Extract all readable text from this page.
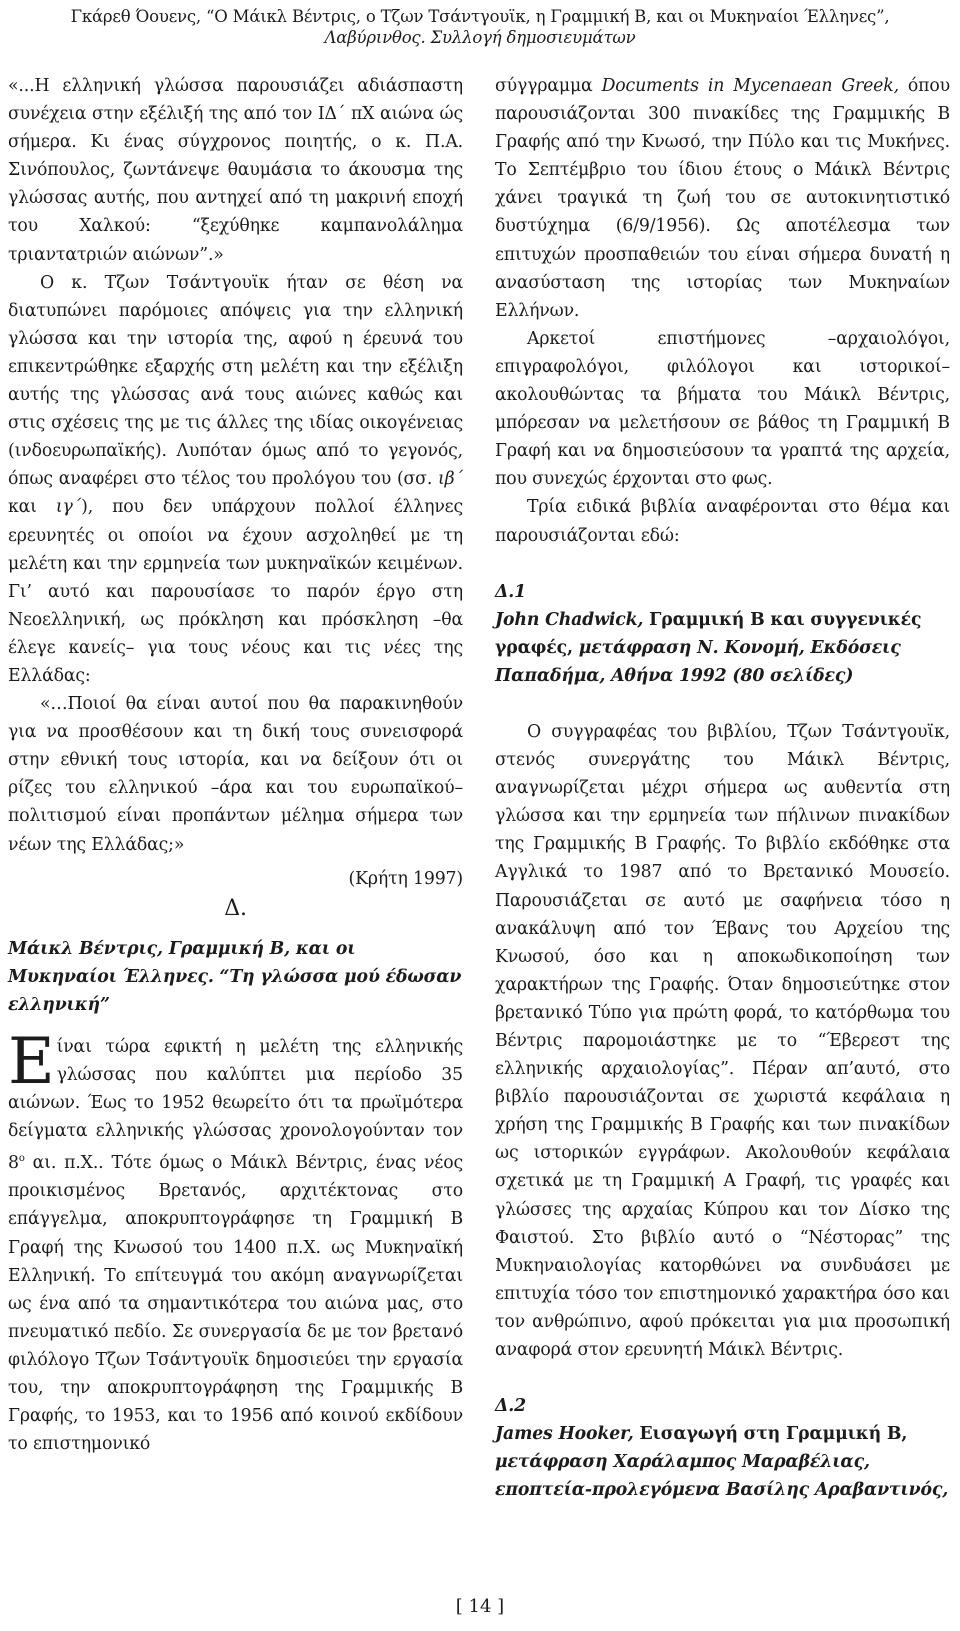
Γκάρεθ Όουενς, “Ο Μάικλ Βέντρις, ο Τζων Τσάντγουϊκ, η Γραμμική Β, και οι Μυκηναίοι Έλληνες”,
Λαβύρινθος. Συλλογή δημοσιευμάτων

«...Η ελληνική γλώσσα παρουσιάζει αδιάσπαστη συνέχεια στην εξέλιξή της από τον ΙΔ΄ πΧ αιώνα ώς σήμερα. Κι ένας σύγχρονος ποιητής, ο κ. Π.Α. Σινόπουλος, ζωντάνεψε θαυμάσια το άκουσμα της γλώσσας αυτής, που αντηχεί από τη μακρινή εποχή του Χαλκού: “ξεχύθηκε καμπανολάλημα τριαντατριών αιώνων”.»

Ο κ. Τζων Τσάντγουϊκ ήταν σε θέση να διατυπώνει παρόμοιες απόψεις για την ελληνική γλώσσα και την ιστορία της, αφού η έρευνά του επικεντρώθηκε εξαρχής στη μελέτη και την εξέλιξη αυτής της γλώσσας ανά τους αιώνες καθώς και στις σχέσεις της με τις άλλες της ιδίας οικογένειας (ινδοευρωπαϊκής). Λυπόταν όμως από το γεγονός, όπως αναφέρει στο τέλος του προλόγου του (σσ. ιβ΄ και ιγ΄), που δεν υπάρχουν πολλοί έλληνες ερευνητές οι οποίοι να έχουν ασχοληθεί με τη μελέτη και την ερμηνεία των μυκηναϊκών κειμένων. Γι’ αυτό και παρουσίασε το παρόν έργο στη Νεοελληνική, ως πρόκληση και πρόσκληση –θα έλεγε κανείς– για τους νέους και τις νέες της Ελλάδας:

«…Ποιοί θα είναι αυτοί που θα παρακινηθούν για να προσθέσουν και τη δική τους συνεισφορά στην εθνική τους ιστορία, και να δείξουν ότι οι ρίζες του ελληνικού –άρα και του ευρωπαϊκού– πολιτισμού είναι προπάντων μέλημα σήμερα των νέων της Ελλάδας;»

(Κρήτη 1997)

Δ.

Μάικλ Βέντρις, Γραμμική Β, και οι Μυκηναίοι Έλληνες. “Τη γλώσσα μού έδωσαν ελληνική”

Είναι τώρα εφικτή η μελέτη της ελληνικής γλώσσας που καλύπτει μια περίοδο 35 αιώνων. Έως το 1952 θεωρείτο ότι τα πρωϊμότερα δείγματα ελληνικής γλώσσας χρονολογούνταν τον $8^o$ αι. π.Χ.. Τότε όμως ο Μάικλ Βέντρις, ένας νέος προικισμένος Βρετανός, αρχιτέκτονας στο επάγγελμα, αποκρυπτογράφησε τη Γραμμική Β Γραφή της Κνωσού του 1400 π.Χ. ως Μυκηναϊκή Ελληνική. Το επίτευγμά του ακόμη αναγνωρίζεται ως ένα από τα σημαντικότερα του αιώνα μας, στο πνευματικό πεδίο. Σε συνεργασία δε με τον βρετανό φιλόλογο Τζων Τσάντγουϊκ δημοσιεύει την εργασία του, την αποκρυπτογράφηση της Γραμμικής Β Γραφής, το 1953, και το 1956 από κοινού εκδίδουν το επιστημονικό

σύγγραμμα Documents in Mycenaean Greek, όπου παρουσιάζονται 300 πινακίδες της Γραμμικής Β Γραφής από την Κνωσό, την Πύλο και τις Μυκήνες. Το Σεπτέμβριο του ίδιου έτους ο Μάικλ Βέντρις χάνει τραγικά τη ζωή του σε αυτοκινητιστικό δυστύχημα (6/9/1956). Ως αποτέλεσμα των επιτυχών προσπαθειών του είναι σήμερα δυνατή η ανασύσταση της ιστορίας των Μυκηναίων Ελλήνων.

Αρκετοί επιστήμονες –αρχαιολόγοι, επιγραφολόγοι, φιλόλογοι και ιστορικοί– ακολουθώντας τα βήματα του Μάικλ Βέντρις, μπόρεσαν να μελετήσουν σε βάθος τη Γραμμική Β Γραφή και να δημοσιεύσουν τα γραπτά της αρχεία, που συνεχώς έρχονται στο φως.

Τρία ειδικά βιβλία αναφέρονται στο θέμα και παρουσιάζονται εδώ:

Δ.1

John Chadwick, Γραμμική Β και συγγενικές γραφές, μετάφραση Ν. Κονομή, Εκδόσεις Παπαδήμα, Αθήνα 1992 (80 σελίδες)

Ο συγγραφέας του βιβλίου, Τζων Τσάντγουϊκ, στενός συνεργάτης του Μάικλ Βέντρις, αναγνωρίζεται μέχρι σήμερα ως αυθεντία στη γλώσσα και την ερμηνεία των πήλινων πινακίδων της Γραμμικής Β Γραφής. Το βιβλίο εκδόθηκε στα Αγγλικά το 1987 από το Βρετανικό Μουσείο. Παρουσιάζεται σε αυτό με σαφήνεια τόσο η ανακάλυψη από τον Έβανς του Αρχείου της Κνωσού, όσο και η αποκωδικοποίηση των χαρακτήρων της Γραφής. Όταν δημοσιεύτηκε στον βρετανικό Τύπο για πρώτη φορά, το κατόρθωμα του Βέντρις παρομοιάστηκε με το “Έβερεστ της ελληνικής αρχαιολογίας”. Πέραν απ’αυτό, στο βιβλίο παρουσιάζονται σε χωριστά κεφάλαια η χρήση της Γραμμικής Β Γραφής και των πινακίδων ως ιστορικών εγγράφων. Ακολουθούν κεφάλαια σχετικά με τη Γραμμική Α Γραφή, τις γραφές και γλώσσες της αρχαίας Κύπρου και τον Δίσκο της Φαιστού. Στο βιβλίο αυτό ο “Νέστορας” της Μυκηναιολογίας κατορθώνει να συνδυάσει με επιτυχία τόσο τον επιστημονικό χαρακτήρα όσο και τον ανθρώπινο, αφού πρόκειται για μια προσωπική αναφορά στον ερευνητή Μάικλ Βέντρις.

Δ.2

James Hooker, Εισαγωγή στη Γραμμική Β, μετάφραση Χαράλαμπος Μαραβέλιας, εποπτεία-προλεγόμενα Βασίλης Αραβαντινός,

[ 14 ]
